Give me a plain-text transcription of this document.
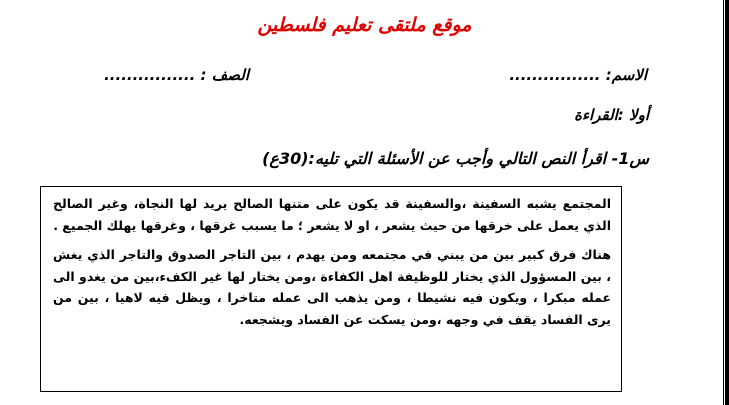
موقع ملتقى تعليم فلسطين
الاسم: ................
الصف : ................
أولا :القراءة
س1- اقرأ النص التالي وأجب عن الأسئلة التي تليه:(30ع)

المجتمع يشبه السفينة ،والسفينة قد يكون على متنها الصالح يريد لها النجاة، وغير الصالح الذي يعمل على خرقها من حيث يشعر ، او لا يشعر ؛ ما يسبب غرقها ، وغرقها يهلك الجميع .

هناك فرق كبير بين من يبني في مجتمعه ومن يهدم ، بين التاجر الصدوق والتاجر الذي يغش ، بين المسؤول الذي يختار للوظيفة اهل الكفاءة ،ومن يختار لها غير الكفء،بين من يغدو الى عمله مبكرا ، ويكون فيه نشيطا ، ومن يذهب الى عمله متاخرا ، ويظل فيه لاهيا ، بين من يرى الفساد يقف في وجهه ،ومن يسكت عن الفساد ويشجعه.
